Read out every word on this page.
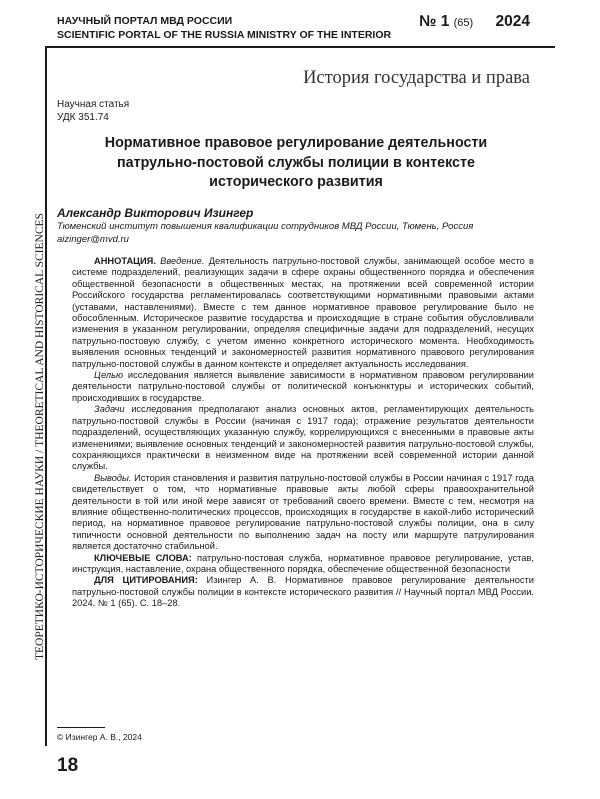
НАУЧНЫЙ ПОРТАЛ МВД РОССИИ
SCIENTIFIC PORTAL OF THE RUSSIA MINISTRY OF THE INTERIOR
№ 1 (65) 2024
История государства и права
ТЕОРЕТИКО-ИСТОРИЧЕСКИЕ НАУКИ / THEORETICAL AND HISTORICAL SCIENCES
Научная статья
УДК 351.74
Нормативное правовое регулирование деятельности
патрульно-постовой службы полиции в контексте
исторического развития
Александр Викторович Изингер
Тюменский институт повышения квалификации сотрудников МВД России, Тюмень, Россия
aizinger@mvd.ru

АННОТАЦИЯ. Введение. Деятельность патрульно-постовой службы, занимающей особое место в системе подразделений, реализующих задачи в сфере охраны общественного порядка и обеспечения общественной безопасности в общественных местах, на протяжении всей современной истории Российского государства регламентировалась соответствующими нормативными правовыми актами (уставами, наставлениями). Вместе с тем данное нормативное правовое регулирование было не обособленным. Историческое развитие государства и происходящие в стране события обусловливали изменения в указанном регулировании, определяя специфичные задачи для подразделений, несущих патрульно-постовую службу, с учетом именно конкретного исторического момента. Необходимость выявления основных тенденций и закономерностей развития нормативного правового регулирования патрульно-постовой службы в данном контексте и определяет актуальность исследования.

Целью исследования является выявление зависимости в нормативном правовом регулировании деятельности патрульно-постовой службы от политической конъюнктуры и исторических событий, происходивших в государстве.

Задачи исследования предполагают анализ основных актов, регламентирующих деятельность патрульно-постовой службы в России (начиная с 1917 года); отражение результатов деятельности подразделений, осуществляющих указанную службу, коррелирующихся с внесенными в правовые акты изменениями; выявление основных тенденций и закономерностей развития патрульно-постовой службы, сохраняющихся практически в неизменном виде на протяжении всей современной истории данной службы.

Выводы. История становления и развития патрульно-постовой службы в России начиная с 1917 года свидетельствует о том, что нормативные правовые акты любой сферы правоохранительной деятельности в той или иной мере зависят от требований своего времени. Вместе с тем, несмотря на влияние общественно-политических процессов, происходящих в государстве в какой-либо исторический период, на нормативное правовое регулирование патрульно-постовой службы полиции, она в силу типичности основной деятельности по выполнению задач на посту или маршруте патрулирования является достаточно стабильной.

КЛЮЧЕВЫЕ СЛОВА: патрульно-постовая служба, нормативное правовое регулирование, устав, инструкция, наставление, охрана общественного порядка, обеспечение общественной безопасности

ДЛЯ ЦИТИРОВАНИЯ: Изингер А. В. Нормативное правовое регулирование деятельности патрульно-постовой службы полиции в контексте исторического развития // Научный портал МВД России. 2024. № 1 (65). С. 18–28.

© Изингер А. В., 2024
18
